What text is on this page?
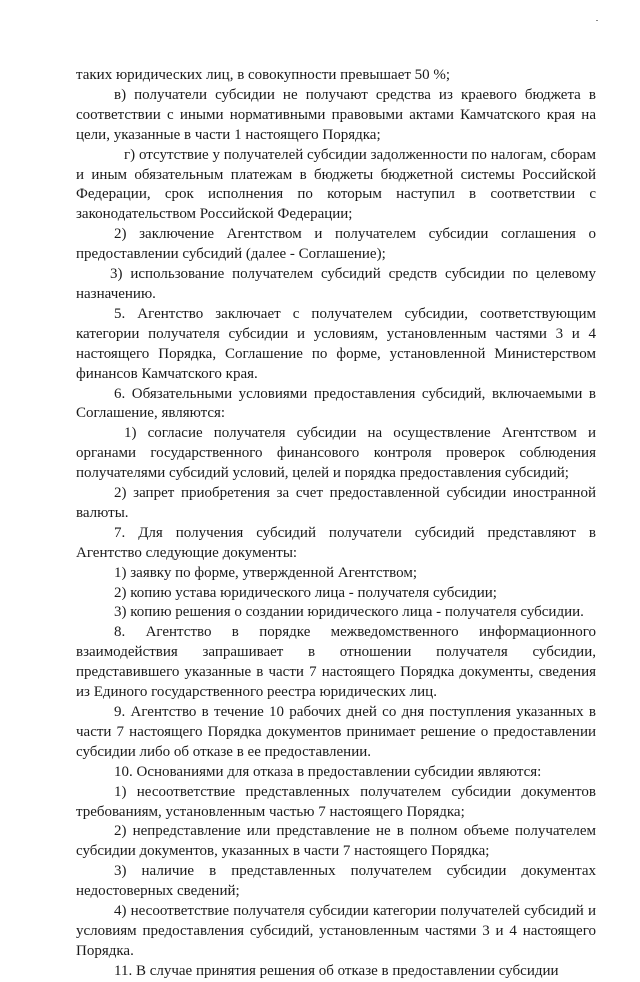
таких юридических лиц, в совокупности превышает 50 %;

в) получатели субсидии не получают средства из краевого бюджета в соответствии с иными нормативными правовыми актами Камчатского края на цели, указанные в части 1 настоящего Порядка;

г) отсутствие у получателей субсидии задолженности по налогам, сборам и иным обязательным платежам в бюджеты бюджетной системы Российской Федерации, срок исполнения по которым наступил в соответствии с законодательством Российской Федерации;

2) заключение Агентством и получателем субсидии соглашения о предоставлении субсидий (далее - Соглашение);

3) использование получателем субсидий средств субсидии по целевому назначению.

5. Агентство заключает с получателем субсидии, соответствующим категории получателя субсидии и условиям, установленным частями 3 и 4 настоящего Порядка, Соглашение по форме, установленной Министерством финансов Камчатского края.

6. Обязательными условиями предоставления субсидий, включаемыми в Соглашение, являются:

1) согласие получателя субсидии на осуществление Агентством и органами государственного финансового контроля проверок соблюдения получателями субсидий условий, целей и порядка предоставления субсидий;

2) запрет приобретения за счет предоставленной субсидии иностранной валюты.

7. Для получения субсидий получатели субсидий представляют в Агентство следующие документы:

1) заявку по форме, утвержденной Агентством;

2) копию устава юридического лица - получателя субсидии;

3) копию решения о создании юридического лица - получателя субсидии.

8. Агентство в порядке межведомственного информационного взаимодействия запрашивает в отношении получателя субсидии, представившего указанные в части 7 настоящего Порядка документы, сведения из Единого государственного реестра юридических лиц.

9. Агентство в течение 10 рабочих дней со дня поступления указанных в части 7 настоящего Порядка документов принимает решение о предоставлении субсидии либо об отказе в ее предоставлении.

10. Основаниями для отказа в предоставлении субсидии являются:

1) несоответствие представленных получателем субсидии документов требованиям, установленным частью 7 настоящего Порядка;

2) непредставление или представление не в полном объеме получателем субсидии документов, указанных в части 7 настоящего Порядка;

3) наличие в представленных получателем субсидии документах недостоверных сведений;

4) несоответствие получателя субсидии категории получателей субсидий и условиям предоставления субсидий, установленным частями 3 и 4 настоящего Порядка.

11. В случае принятия решения об отказе в предоставлении субсидии
